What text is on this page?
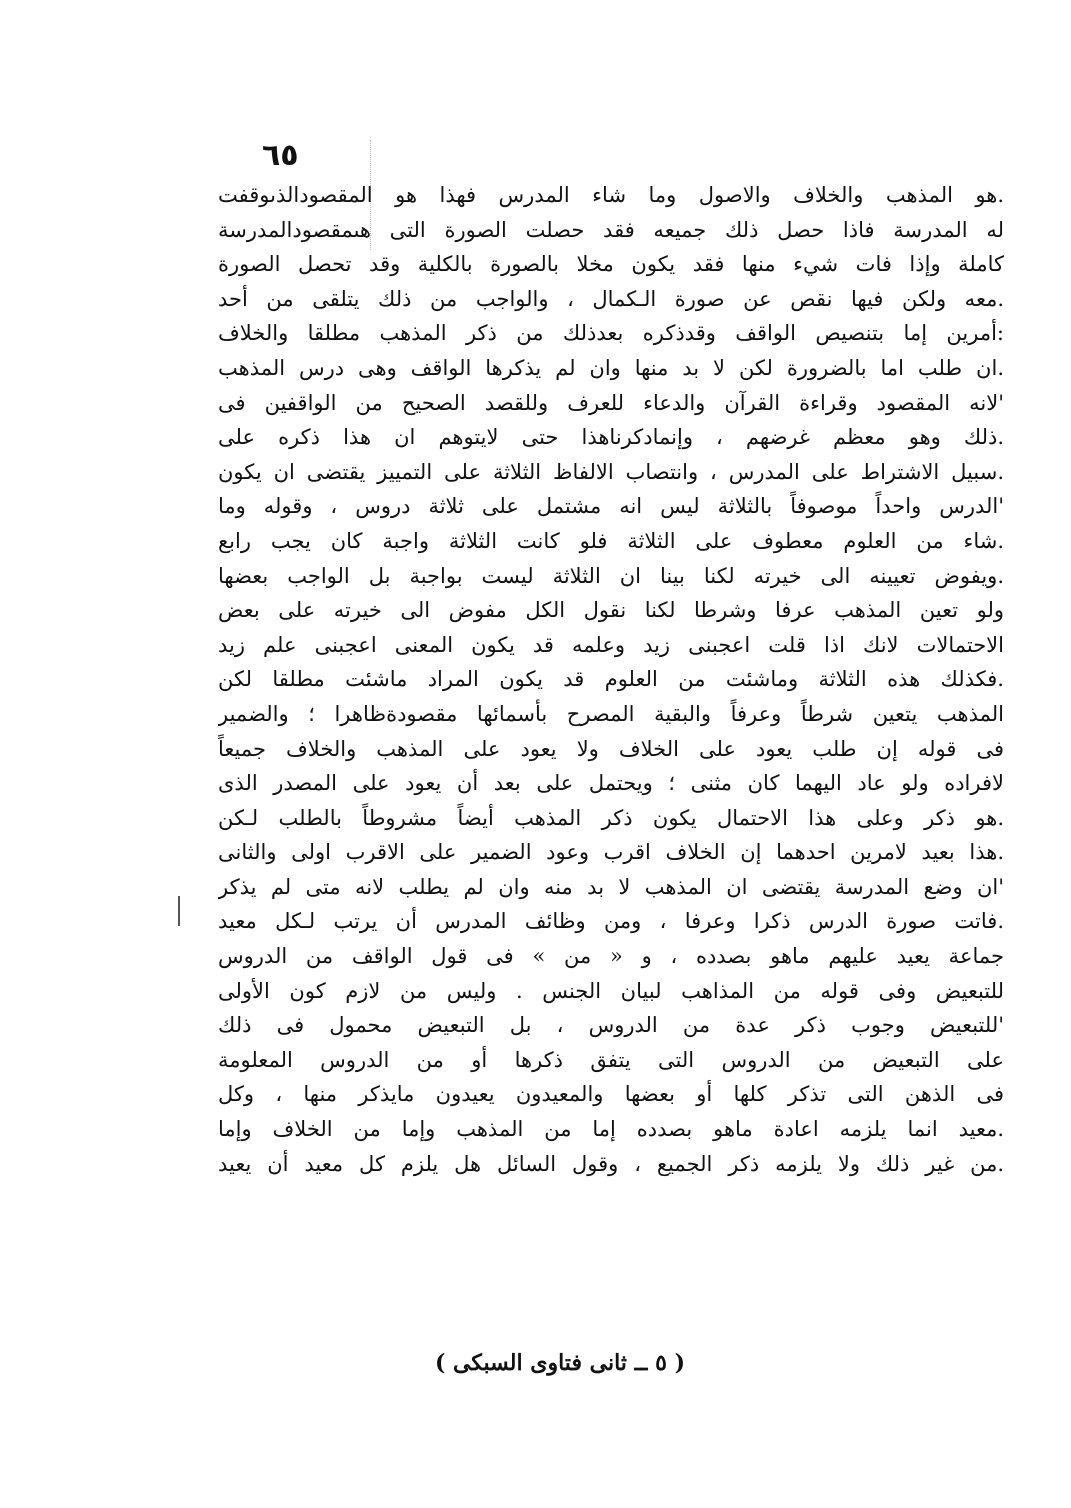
٦٥
.هو المذهب والخلاف والاصول وما شاء المدرس فهذا هو المقصودالذىوقفت
له المدرسة فاذا حصل ذلك جميعه فقد حصلت الصورة التى هىمقصودالمدرسة
كاملة وإذا فات شيء منها فقد يكون مخلا بالصورة بالكلية وقد تحصل الصورة
.معه ولكن فيها نقص عن صورة الـكمال ، والواجب من ذلك يتلقى من أحد
:أمرين إما بتنصيص الواقف وقدذكره بعدذلك من ذكر المذهب مطلقا والخلاف
.ان طلب اما بالضرورة لكن لا بد منها وان لم يذكرها الواقف وهى درس المذهب
'لانه المقصود وقراءة القرآن والدعاء للعرف وللقصد الصحيح من الواقفين فى
.ذلك وهو معظم غرضهم ، وإنمادكرناهذا حتى لايتوهم ان هذا ذكره على
.سبيل الاشتراط على المدرس ، وانتصاب الالفاظ الثلاثة على التمييز يقتضى ان يكون
'الدرس واحداً موصوفاً بالثلاثة ليس انه مشتمل على ثلاثة دروس ، وقوله وما
.شاء من العلوم معطوف على الثلاثة فلو كانت الثلاثة واجبة كان يجب رابع
.ويفوض تعيينه الى خيرته لكنا بينا ان الثلاثة ليست بواجبة بل الواجب بعضها
ولو تعين المذهب عرفا وشرطا لكنا نقول الكل مفوض الى خيرته على بعض
الاحتمالات لانك اذا قلت اعجبنى زيد وعلمه قد يكون المعنى اعجبنى علم زيد
.فكذلك هذه الثلاثة وماشئت من العلوم قد يكون المراد ماشئت مطلقا لكن
المذهب يتعين شرطاً وعرفاً والبقية المصرح بأسمائها مقصودةظاهرا ؛ والضمير
فى قوله إن طلب يعود على الخلاف ولا يعود على المذهب والخلاف جميعاً
لافراده ولو عاد اليهما كان مثنى ؛ ويحتمل على بعد أن يعود على المصدر الذى
.هو ذكر وعلى هذا الاحتمال يكون ذكر المذهب أيضاً مشروطاً بالطلب لـكن
.هذا بعيد لامرين احدهما إن الخلاف اقرب وعود الضمير على الاقرب اولى والثانى
'ان وضع المدرسة يقتضى ان المذهب لا بد منه وان لم يطلب لانه متى لم يذكر
.فاتت صورة الدرس ذكرا وعرفا ، ومن وظائف المدرس أن يرتب لـكل معيد
جماعة يعيد عليهم ماهو بصدده ، و « من » فى قول الواقف من الدروس
للتبعيض وفى قوله من المذاهب لبيان الجنس . وليس من لازم كون الأولى
'للتبعيض وجوب ذكر عدة من الدروس ، بل التبعيض محمول فى ذلك
على التبعيض من الدروس التى يتفق ذكرها أو من الدروس المعلومة
فى الذهن التى تذكر كلها أو بعضها والمعيدون يعيدون مايذكر منها ، وكل
.معيد انما يلزمه اعادة ماهو بصدده إما من المذهب وإما من الخلاف وإما
.من غير ذلك ولا يلزمه ذكر الجميع ، وقول السائل هل يلزم كل معيد أن يعيد
( ٥ ــ ثانى فتاوى السبكى )
